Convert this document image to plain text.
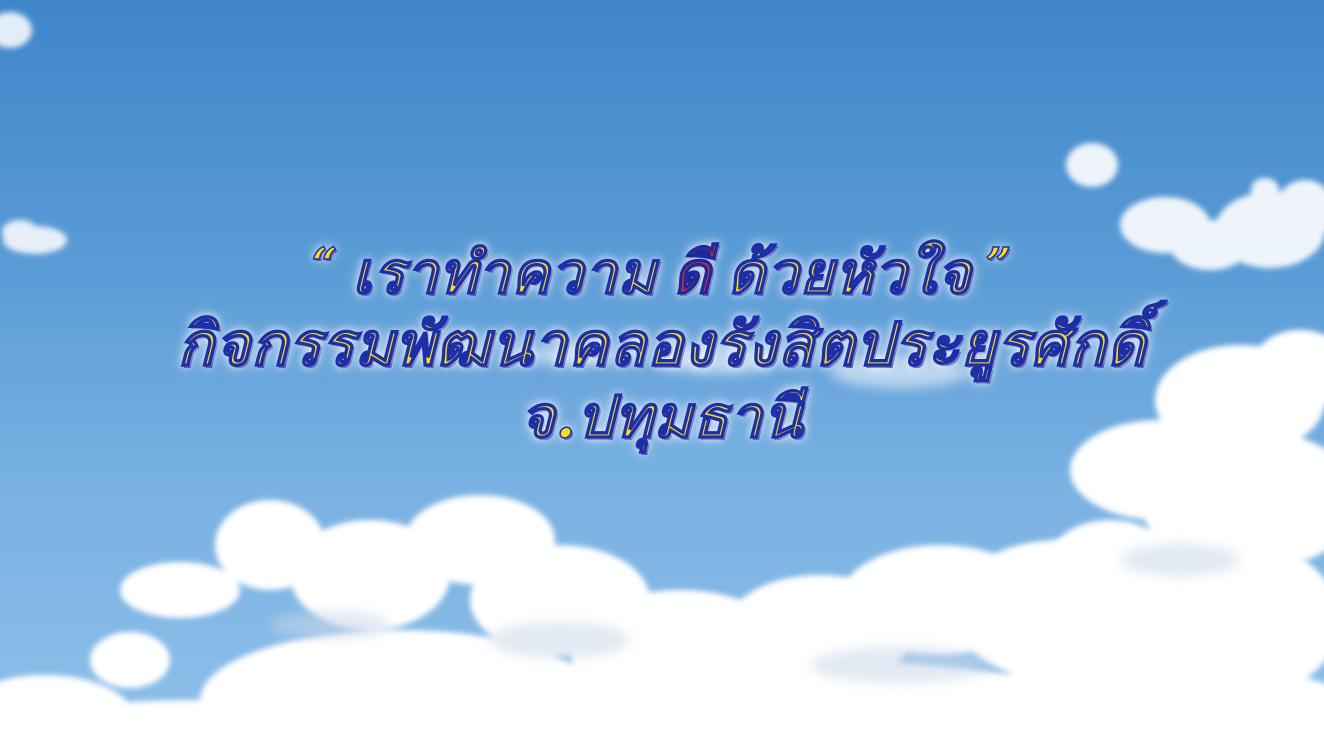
“ เราทำความ ดี ด้วยหัวใจ ”
กิจกรรมพัฒนาคลองรังสิตประยูรศักดิ์
จ.ปทุมธานี
